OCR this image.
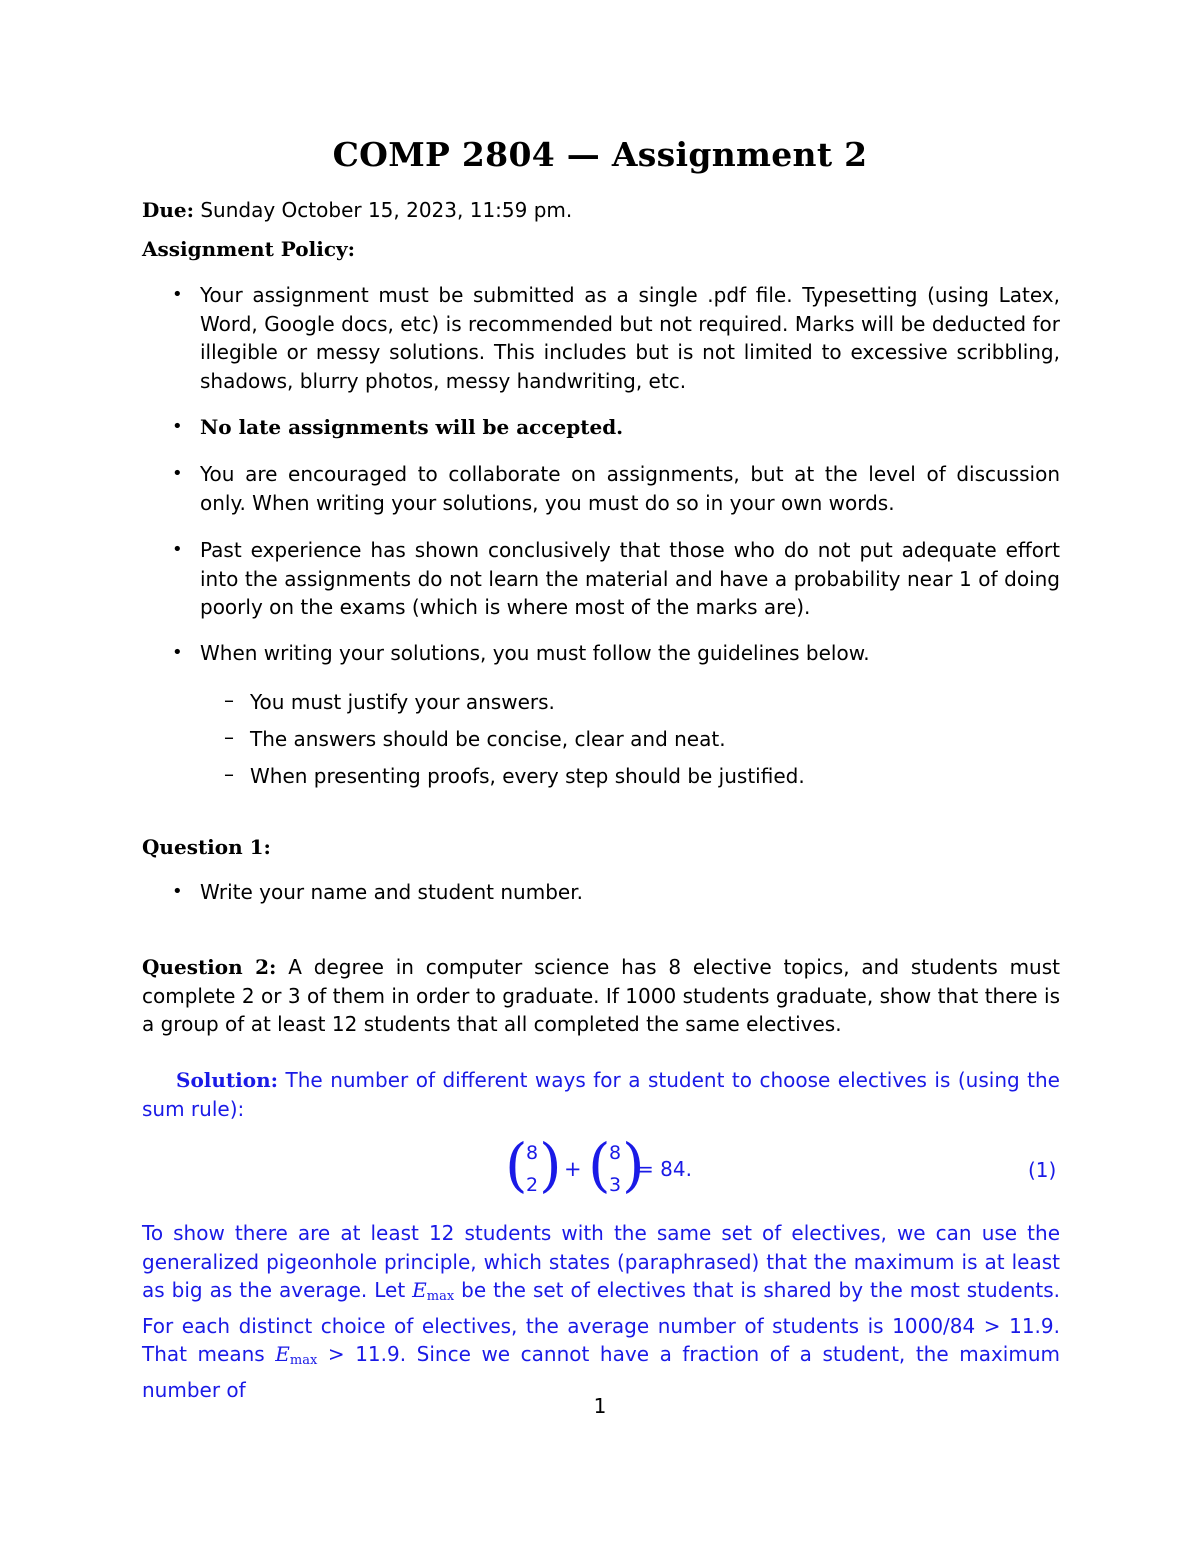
COMP 2804 — Assignment 2
Due: Sunday October 15, 2023, 11:59 pm.
Assignment Policy:
• Your assignment must be submitted as a single .pdf file. Typesetting (using Latex, Word, Google docs, etc) is recommended but not required. Marks will be deducted for illegible or messy solutions. This includes but is not limited to excessive scribbling, shadows, blurry photos, messy handwriting, etc.
• No late assignments will be accepted.
• You are encouraged to collaborate on assignments, but at the level of discussion only. When writing your solutions, you must do so in your own words.
• Past experience has shown conclusively that those who do not put adequate effort into the assignments do not learn the material and have a probability near 1 of doing poorly on the exams (which is where most of the marks are).
• When writing your solutions, you must follow the guidelines below.
– You must justify your answers.
– The answers should be concise, clear and neat.
– When presenting proofs, every step should be justified.
Question 1:
• Write your name and student number.
Question 2: A degree in computer science has 8 elective topics, and students must complete 2 or 3 of them in order to graduate. If 1000 students graduate, show that there is a group of at least 12 students that all completed the same electives.
Solution: The number of different ways for a student to choose electives is (using the sum rule):
(
8
2 ) + (
8
3 )
= 84.	(1)
To show there are at least 12 students with the same set of electives, we can use the generalized pigeonhole principle, which states (paraphrased) that the maximum is at least as big as the average. Let $E_{max}$ be the set of electives that is shared by the most students. For each distinct choice of electives, the average number of students is 1000/84 > 11.9. That means $E_{max} > 11.9$. Since we cannot have a fraction of a student, the maximum number of
1
